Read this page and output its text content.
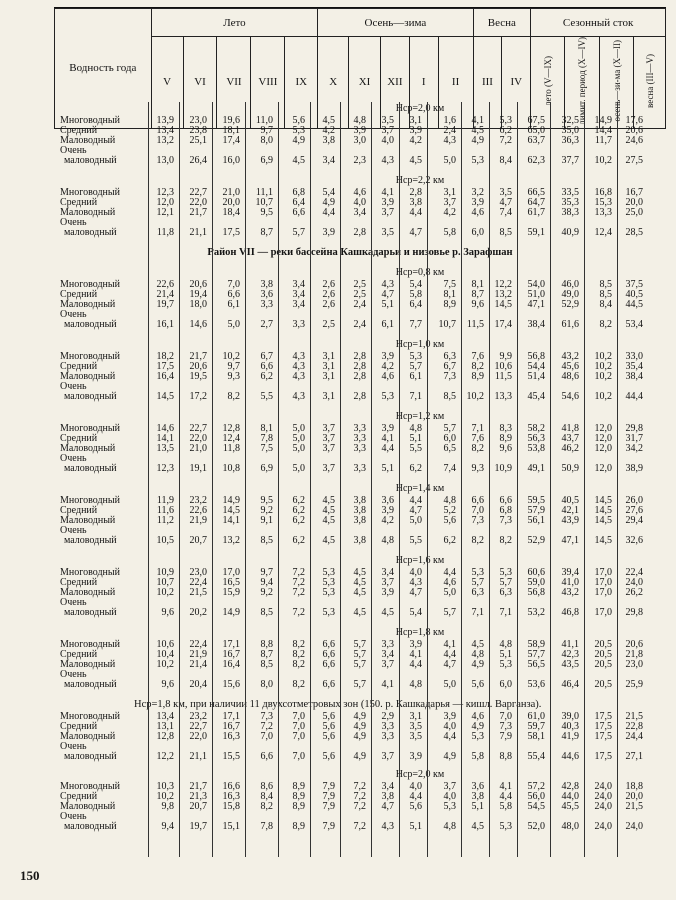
Водность года	Лето					Осень—зима					Весна		Сезонный сток			
	V	VI	VII	VIII	IX	X	XI	XII	I	II	III	IV	лето (V—IX)	лимит. период (X—IV)	осень—зи-ма (X—II)	весна (III—V)
Hср=2,0 км
Многоводный	13,9	23,0	19,6	11,0	5,6	4,5	4,8	3,5	3,1	1,6	4,1	5,3	67,5	32,5	14,9	17,6
Средний	13,4	23,8	18,1	9,7	5,3	4,2	3,9	3,7	3,9	2,4	4,5	6,2	65,0	35,0	14,4	20,6
Маловодный	13,2	25,1	17,4	8,0	4,9	3,8	3,0	4,0	4,2	4,3	4,9	7,2	63,7	36,3	11,7	24,6
Очень
маловодный	13,0	26,4	16,0	6,9	4,5	3,4	2,3	4,3	4,5	5,0	5,3	8,4	62,3	37,7	10,2	27,5
Hср=2,2 км
Многоводный	12,3	22,7	21,0	11,1	6,8	5,4	4,6	4,1	2,8	3,1	3,2	3,5	66,5	33,5	16,8	16,7
Средний	12,0	22,0	20,0	10,7	6,4	4,9	4,0	3,9	3,8	3,7	3,9	4,7	64,7	35,3	15,3	20,0
Маловодный	12,1	21,7	18,4	9,5	6,6	4,4	3,4	3,7	4,4	4,2	4,6	7,4	61,7	38,3	13,3	25,0
Очень
маловодный	11,8	21,1	17,5	8,7	5,7	3,9	2,8	3,5	4,7	5,8	6,0	8,5	59,1	40,9	12,4	28,5
Район VII — реки бассейна Кашкадарьи и низовье р. Зарафшан
Hср=0,8 км
Многоводный	22,6	20,6	7,0	3,8	3,4	2,6	2,5	4,3	5,4	7,5	8,1	12,2	54,0	46,0	8,5	37,5
Средний	21,4	19,4	6,6	3,6	3,4	2,6	2,5	4,7	5,8	8,1	8,7	13,2	51,0	49,0	8,5	40,5
Маловодный	19,7	18,0	6,1	3,3	3,4	2,6	2,4	5,1	6,4	8,9	9,6	14,5	47,1	52,9	8,4	44,5
Очень
маловодный	16,1	14,6	5,0	2,7	3,3	2,5	2,4	6,1	7,7	10,7	11,5	17,4	38,4	61,6	8,2	53,4
Hср=1,0 км
Многоводный	18,2	21,7	10,2	6,7	4,3	3,1	2,8	3,9	5,3	6,3	7,6	9,9	56,8	43,2	10,2	33,0
Средний	17,5	20,6	9,7	6,6	4,3	3,1	2,8	4,2	5,7	6,7	8,2	10,6	54,4	45,6	10,2	35,4
Маловодный	16,4	19,5	9,3	6,2	4,3	3,1	2,8	4,6	6,1	7,3	8,9	11,5	51,4	48,6	10,2	38,4
Очень
маловодный	14,5	17,2	8,2	5,5	4,3	3,1	2,8	5,3	7,1	8,5	10,2	13,3	45,4	54,6	10,2	44,4
Hср=1,2 км
Многоводный	14,6	22,7	12,8	8,1	5,0	3,7	3,3	3,9	4,8	5,7	7,1	8,3	58,2	41,8	12,0	29,8
Средний	14,1	22,0	12,4	7,8	5,0	3,7	3,3	4,1	5,1	6,0	7,6	8,9	56,3	43,7	12,0	31,7
Маловодный	13,5	21,0	11,8	7,5	5,0	3,7	3,3	4,4	5,5	6,5	8,2	9,6	53,8	46,2	12,0	34,2
Очень
маловодный	12,3	19,1	10,8	6,9	5,0	3,7	3,3	5,1	6,2	7,4	9,3	10,9	49,1	50,9	12,0	38,9
Hср=1,4 км
Многоводный	11,9	23,2	14,9	9,5	6,2	4,5	3,8	3,6	4,4	4,8	6,6	6,6	59,5	40,5	14,5	26,0
Средний	11,6	22,6	14,5	9,2	6,2	4,5	3,8	3,9	4,7	5,2	7,0	6,8	57,9	42,1	14,5	27,6
Маловодный	11,2	21,9	14,1	9,1	6,2	4,5	3,8	4,2	5,0	5,6	7,3	7,3	56,1	43,9	14,5	29,4
Очень
маловодный	10,5	20,7	13,2	8,5	6,2	4,5	3,8	4,8	5,5	6,2	8,2	8,2	52,9	47,1	14,5	32,6
Hср=1,6 км
Многоводный	10,9	23,0	17,0	9,7	7,2	5,3	4,5	3,4	4,0	4,4	5,3	5,3	60,6	39,4	17,0	22,4
Средний	10,7	22,4	16,5	9,4	7,2	5,3	4,5	3,7	4,3	4,6	5,7	5,7	59,0	41,0	17,0	24,0
Маловодный	10,2	21,5	15,9	9,2	7,2	5,3	4,5	3,9	4,7	5,0	6,3	6,3	56,8	43,2	17,0	26,2
Очень
маловодный	9,6	20,2	14,9	8,5	7,2	5,3	4,5	4,5	5,4	5,7	7,1	7,1	53,2	46,8	17,0	29,8
Hср=1,8 км
Многоводный	10,6	22,4	17,1	8,8	8,2	6,6	5,7	3,3	3,9	4,1	4,5	4,8	58,9	41,1	20,5	20,6
Средний	10,4	21,9	16,7	8,7	8,2	6,6	5,7	3,4	4,1	4,4	4,8	5,1	57,7	42,3	20,5	21,8
Маловодный	10,2	21,4	16,4	8,5	8,2	6,6	5,7	3,7	4,4	4,7	4,9	5,3	56,5	43,5	20,5	23,0
Очень
маловодный	9,6	20,4	15,6	8,0	8,2	6,6	5,7	4,1	4,8	5,0	5,6	6,0	53,6	46,4	20,5	25,9
Hср=1,8 км, при наличии 11 двухсотметровых зон (150. р. Кашкадарья — кишл. Варганза).
Многоводный	13,4	23,2	17,1	7,3	7,0	5,6	4,9	2,9	3,1	3,9	4,6	7,0	61,0	39,0	17,5	21,5
Средний	13,1	22,7	16,7	7,2	7,0	5,6	4,9	3,3	3,5	4,0	4,9	7,3	59,7	40,3	17,5	22,8
Маловодный	12,8	22,0	16,3	7,0	7,0	5,6	4,9	3,3	3,5	4,4	5,3	7,9	58,1	41,9	17,5	24,4
Очень
маловодный	12,2	21,1	15,5	6,6	7,0	5,6	4,9	3,7	3,9	4,9	5,8	8,8	55,4	44,6	17,5	27,1
Hср=2,0 км
Многоводный	10,3	21,7	16,6	8,6	8,9	7,9	7,2	3,4	4,0	3,7	3,6	4,1	57,2	42,8	24,0	18,8
Средний	10,2	21,3	16,3	8,4	8,9	7,9	7,2	3,8	4,4	4,0	3,8	4,4	56,0	44,0	24,0	20,0
Маловодный	9,8	20,7	15,8	8,2	8,9	7,9	7,2	4,7	5,6	5,3	5,1	5,8	54,5	45,5	24,0	21,5
Очень
маловодный	9,4	19,7	15,1	7,8	8,9	7,9	7,2	4,3	5,1	4,8	4,5	5,3	52,0	48,0	24,0	24,0
150
